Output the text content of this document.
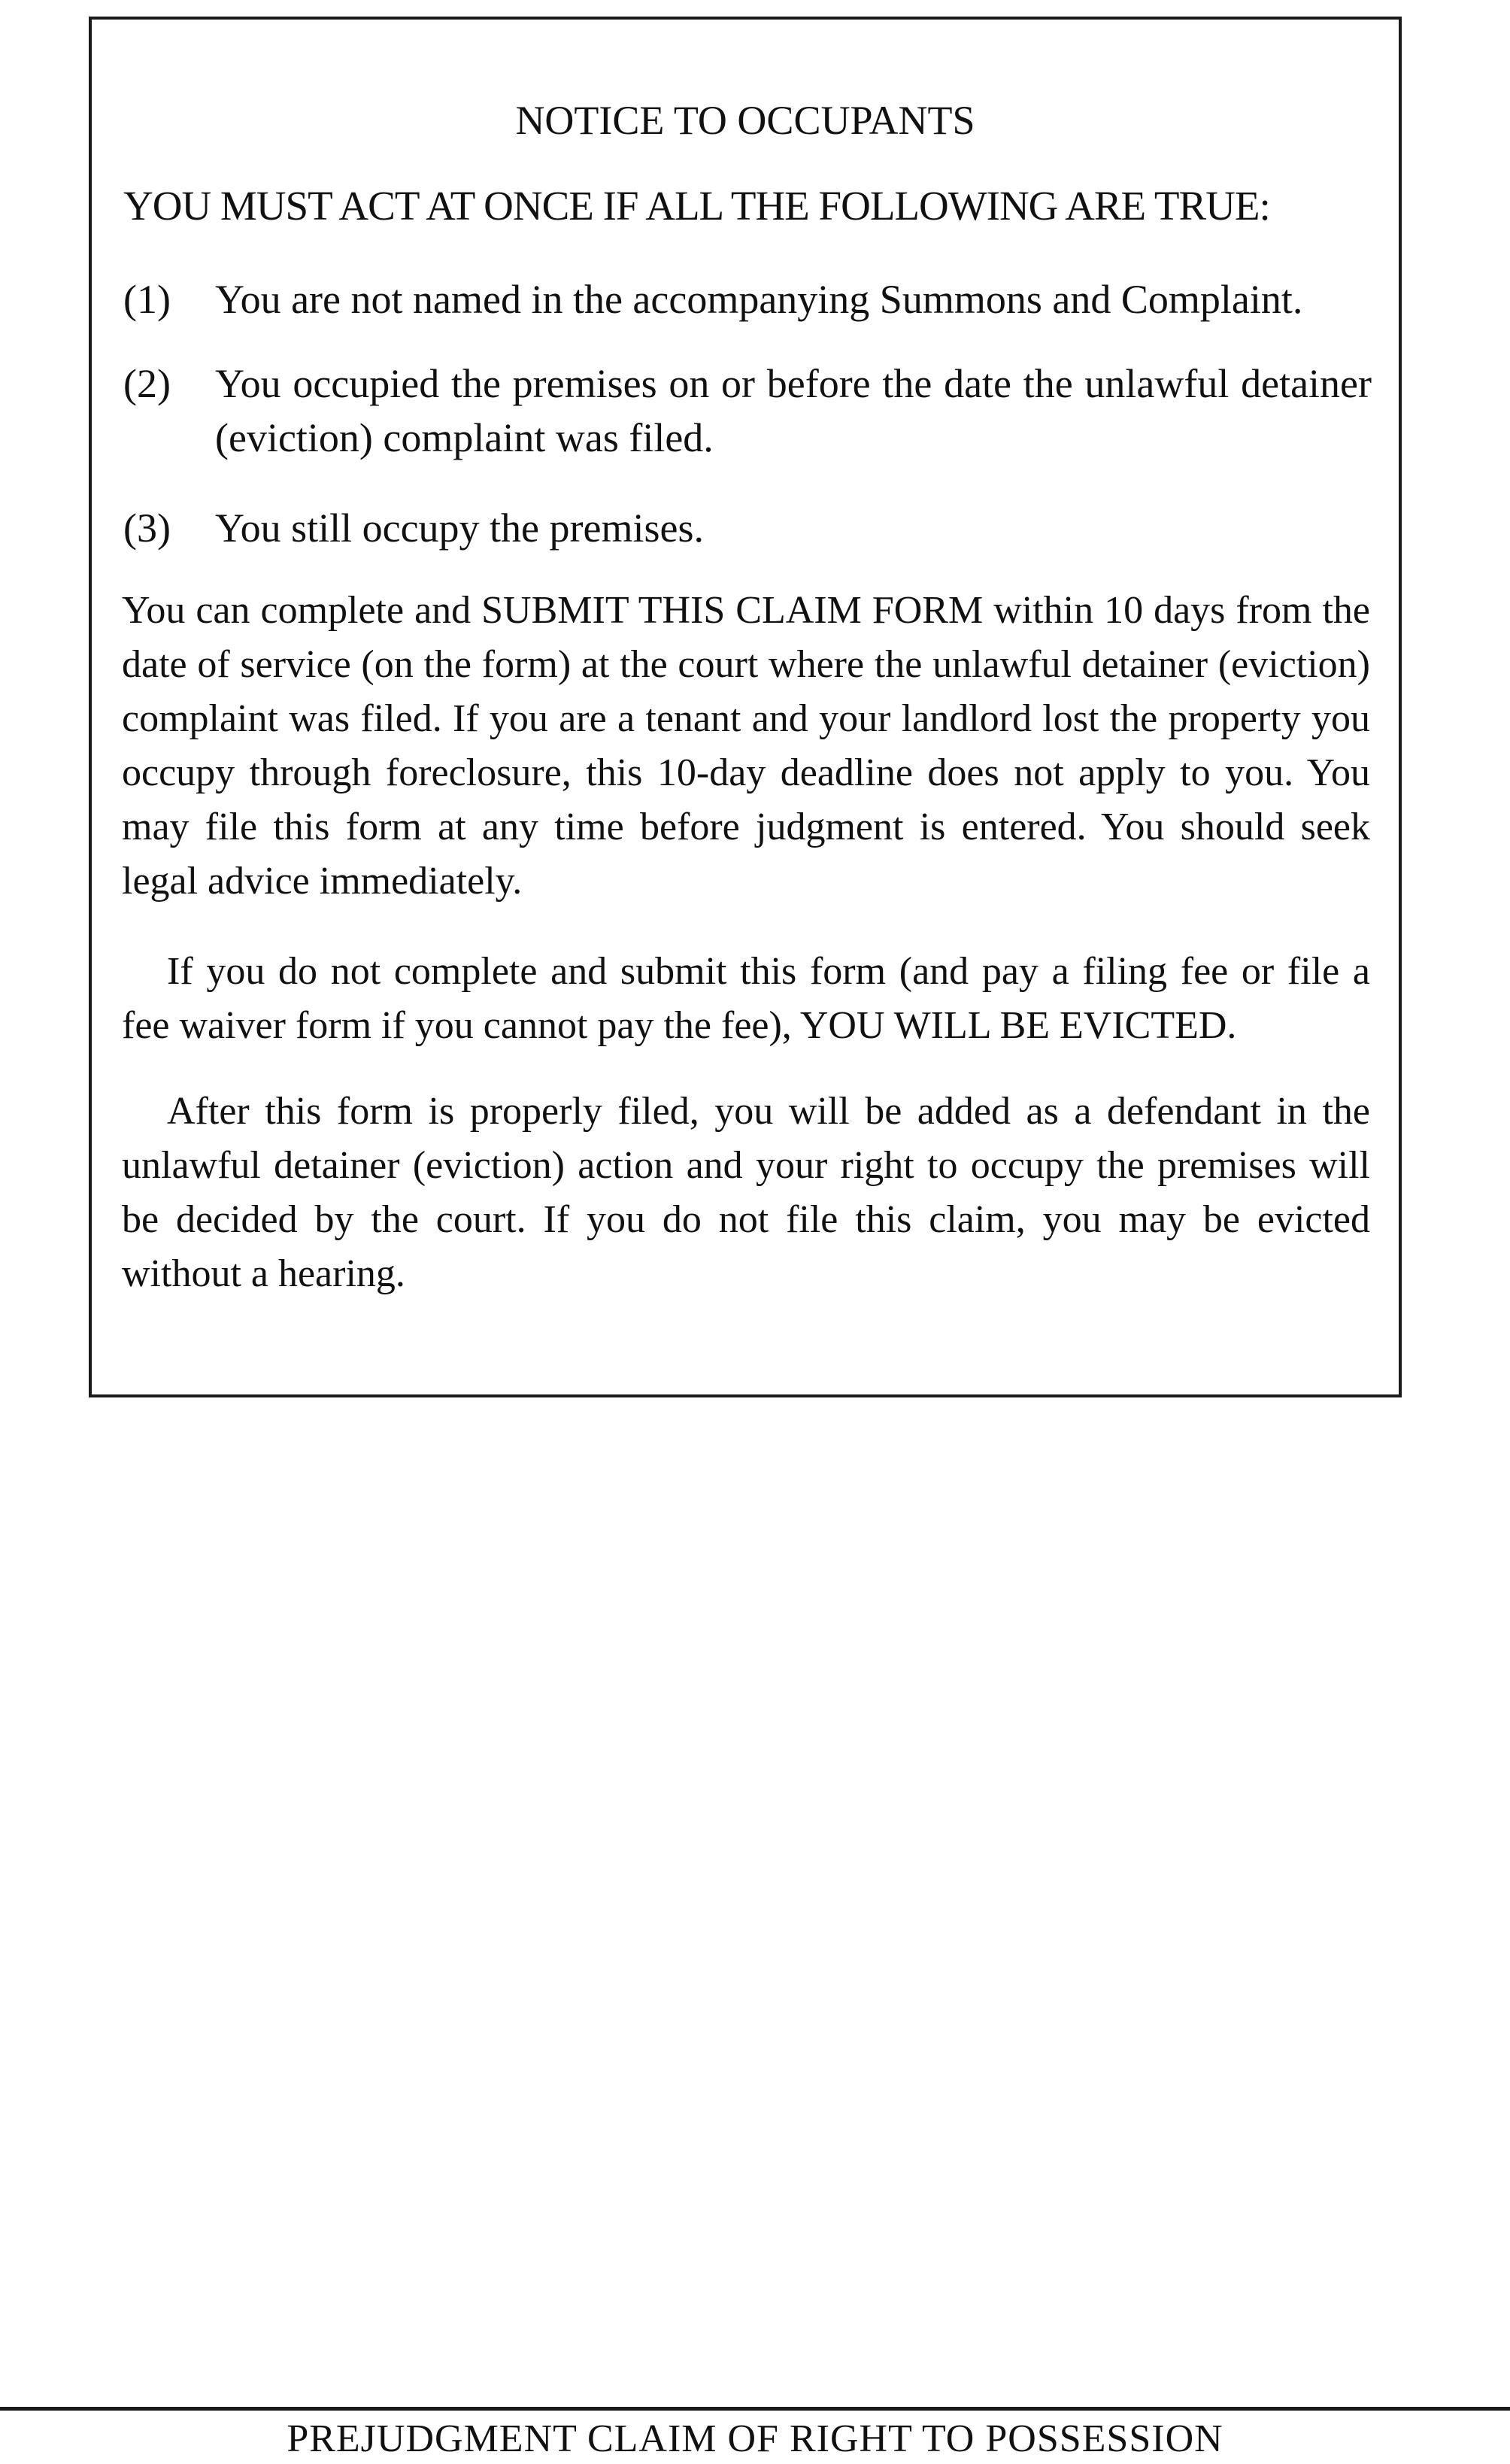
NOTICE TO OCCUPANTS
YOU MUST ACT AT ONCE IF ALL THE FOLLOWING ARE TRUE:
(1) You are not named in the accompanying Summons and Complaint.
(2) You occupied the premises on or before the date the unlawful detainer (eviction) complaint was filed.
(3) You still occupy the premises.

You can complete and SUBMIT THIS CLAIM FORM within 10 days from the date of service (on the form) at the court where the unlawful detainer (eviction) complaint was filed. If you are a tenant and your landlord lost the property you occupy through foreclosure, this 10-day deadline does not apply to you. You may file this form at any time before judgment is entered. You should seek legal advice immediately.

If you do not complete and submit this form (and pay a filing fee or file a fee waiver form if you cannot pay the fee), YOU WILL BE EVICTED.

After this form is properly filed, you will be added as a defendant in the unlawful detainer (eviction) action and your right to occupy the premises will be decided by the court. If you do not file this claim, you may be evicted without a hearing.

PREJUDGMENT CLAIM OF RIGHT TO POSSESSION
